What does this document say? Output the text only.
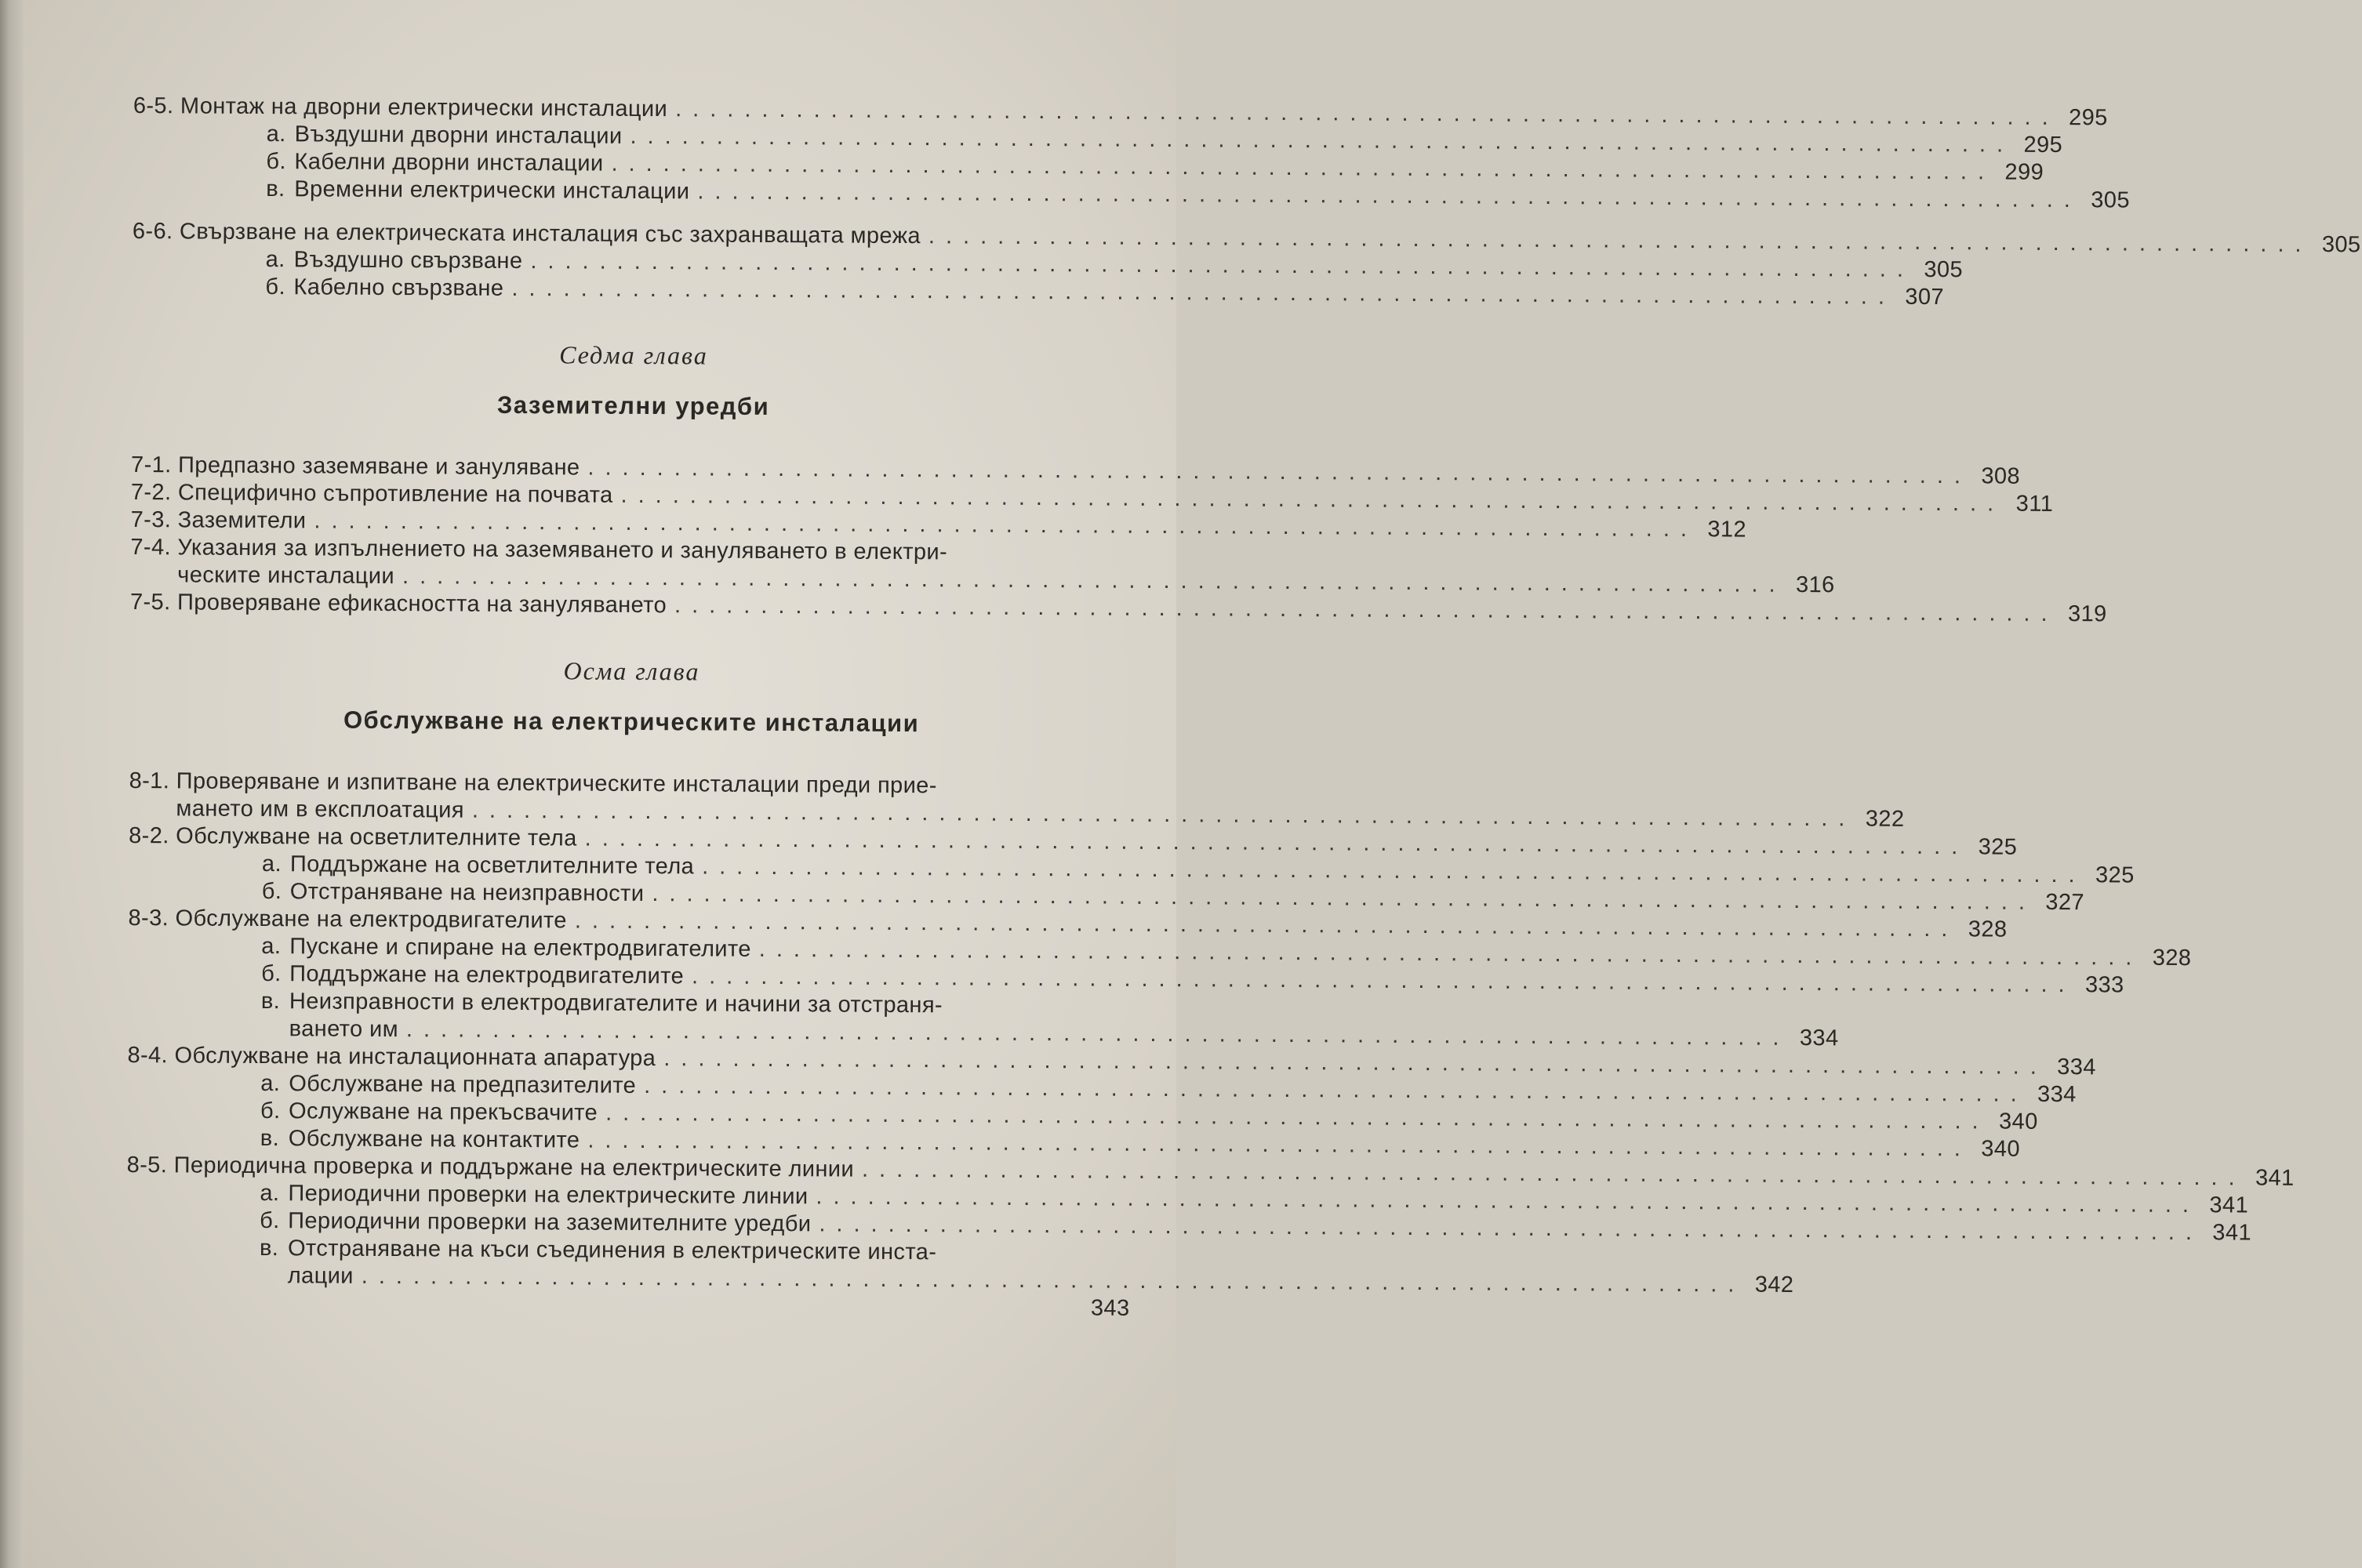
6-5. Монтаж на дворни електрически инсталации ................................................................................ 295
а. Въздушни дворни инсталации ................................................................................ 295
б. Кабелни дворни инсталации ................................................................................ 299
в. Временни електрически инсталации ................................................................................ 305
6-6. Свързване на електрическата инсталация със захранващата мрежа ................................................................................ 305
а. Въздушно свързване ................................................................................ 305
б. Кабелно свързване ................................................................................ 307
Седма глава
Заземителни уредби
7-1. Предпазно заземяване и зануляване ................................................................................ 308
7-2. Специфично съпротивление на почвата ................................................................................ 311
7-3. Заземители ................................................................................ 312
7-4. Указания за изпълнението на заземяването и зануляването в електри-
ческите инсталации ................................................................................ 316
7-5. Проверяване ефикасността на зануляването ................................................................................ 319
Осма глава
Обслужване на електрическите инсталации
8-1. Проверяване и изпитване на електрическите инсталации преди прие-
мането им в експлоатация ................................................................................ 322
8-2. Обслужване на осветлителните тела ................................................................................ 325
а. Поддържане на осветлителните тела ................................................................................ 325
б. Отстраняване на неизправности ................................................................................ 327
8-3. Обслужване на електродвигателите ................................................................................ 328
а. Пускане и спиране на електродвигателите ................................................................................ 328
б. Поддържане на електродвигателите ................................................................................ 333
в. Неизправности в електродвигателите и начини за отстраня-
ването им ................................................................................ 334
8-4. Обслужване на инсталационната апаратура ................................................................................ 334
а. Обслужване на предпазителите ................................................................................ 334
б. Ослужване на прекъсвачите ................................................................................ 340
в. Обслужване на контактите ................................................................................ 340
8-5. Периодична проверка и поддържане на електрическите линии ................................................................................ 341
а. Периодични проверки на електрическите линии ................................................................................ 341
б. Периодични проверки на заземителните уредби ................................................................................ 341
в. Отстраняване на къси съединения в електрическите инста-
лации ................................................................................ 342
343
